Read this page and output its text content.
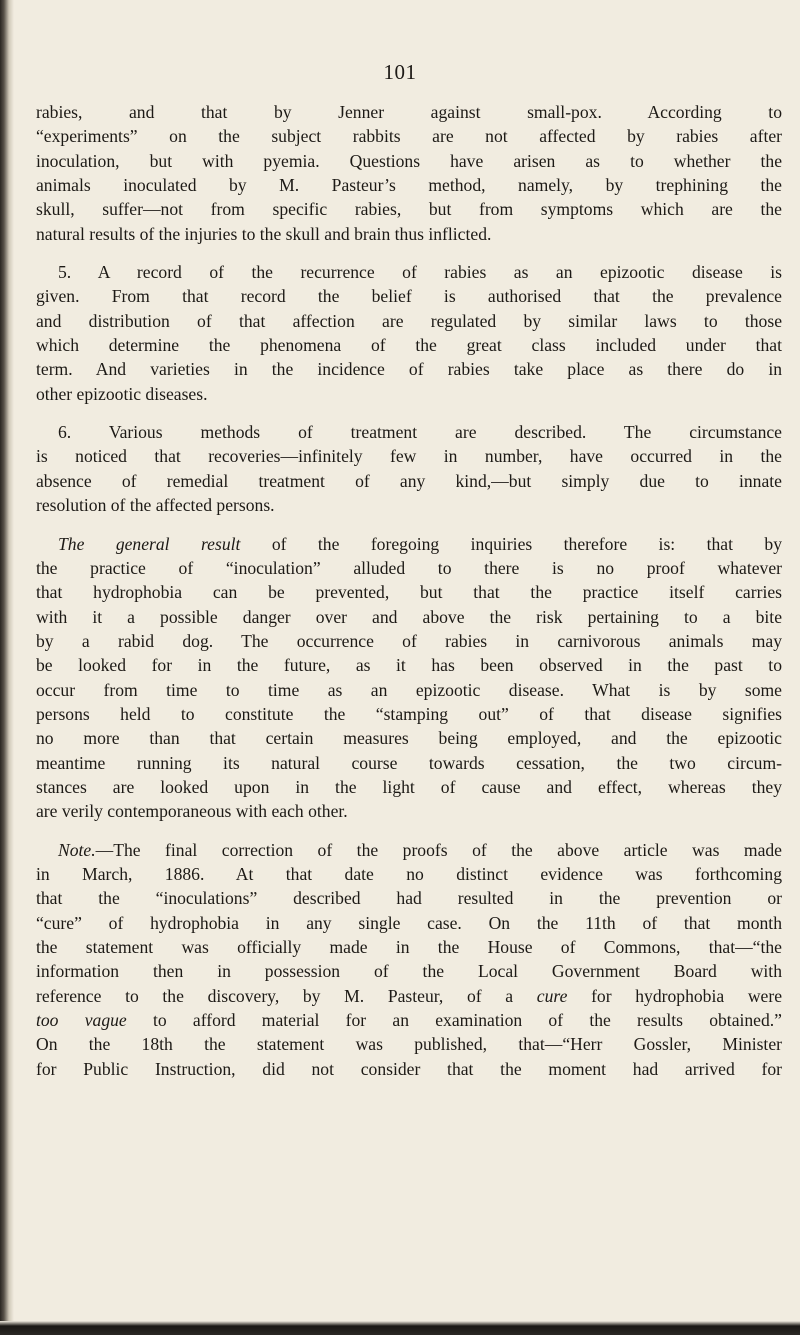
101
rabies, and that by Jenner against small-pox. According to
“experiments” on the subject rabbits are not affected by rabies after
inoculation, but with pyemia. Questions have arisen as to whether the
animals inoculated by M. Pasteur’s method, namely, by trephining the
skull, suffer—not from specific rabies, but from symptoms which are the
natural results of the injuries to the skull and brain thus inflicted.
5. A record of the recurrence of rabies as an epizootic disease is
given. From that record the belief is authorised that the prevalence
and distribution of that affection are regulated by similar laws to those
which determine the phenomena of the great class included under that
term. And varieties in the incidence of rabies take place as there do in
other epizootic diseases.
6. Various methods of treatment are described. The circumstance
is noticed that recoveries—infinitely few in number, have occurred in the
absence of remedial treatment of any kind,—but simply due to innate
resolution of the affected persons.
The general result of the foregoing inquiries therefore is: that by
the practice of “inoculation” alluded to there is no proof whatever
that hydrophobia can be prevented, but that the practice itself carries
with it a possible danger over and above the risk pertaining to a bite
by a rabid dog. The occurrence of rabies in carnivorous animals may
be looked for in the future, as it has been observed in the past to
occur from time to time as an epizootic disease. What is by some
persons held to constitute the “stamping out” of that disease signifies
no more than that certain measures being employed, and the epizootic
meantime running its natural course towards cessation, the two circum-
stances are looked upon in the light of cause and effect, whereas they
are verily contemporaneous with each other.
Note.—The final correction of the proofs of the above article was made
in March, 1886. At that date no distinct evidence was forthcoming
that the “inoculations” described had resulted in the prevention or
“cure” of hydrophobia in any single case. On the 11th of that month
the statement was officially made in the House of Commons, that—“the
information then in possession of the Local Government Board with
reference to the discovery, by M. Pasteur, of a cure for hydrophobia were
too vague to afford material for an examination of the results obtained.”
On the 18th the statement was published, that—“Herr Gossler, Minister
for Public Instruction, did not consider that the moment had arrived for
